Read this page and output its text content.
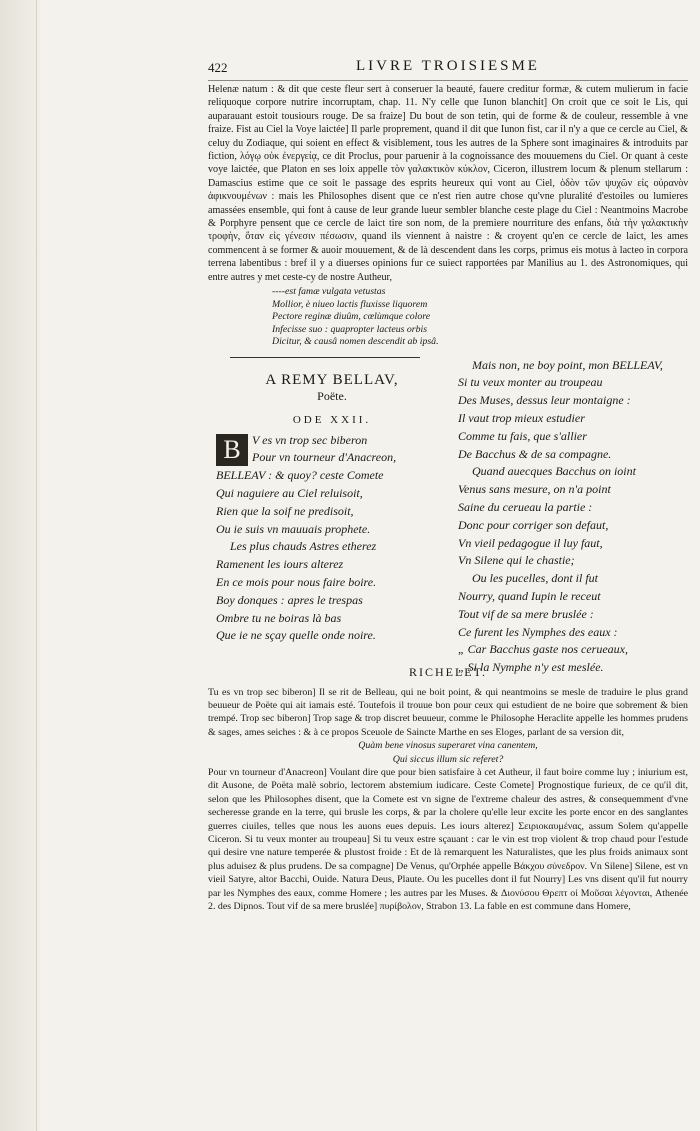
422	LIVRE TROISIESME

Helenæ natum : & dit que ceste fleur sert à conseruer la beauté, fauere creditur formæ, & cutem mulierum in facie reliquoque corpore nutrire incorruptam, chap. 11. N'y celle que Iunon blanchit] On croit que ce soit le Lis, qui auparauant estoit tousiours rouge. De sa fraize] Du bout de son tetin, qui de forme & de couleur, ressemble à vne fraize. Fist au Ciel la Voye laictée] Il parle proprement, quand il dit que Iunon fist, car il n'y a que ce cercle au Ciel, & celuy du Zodiaque, qui soient en effect & visiblement, tous les autres de la Sphere sont imaginaires & introduits par fiction, λόγῳ οὐκ ἐνεργείᾳ, ce dit Proclus, pour paruenir à la cognoissance des mouuemens du Ciel. Or quant à ceste voye laictée, que Platon en ses loix appelle τὸν γαλακτικὸν κύκλον, Ciceron, illustrem locum & plenum stellarum : Damascius estime que ce soit le passage des esprits heureux qui vont au Ciel, ὁδὸν τῶν ψυχῶν εἰς οὐρανὸν ἀφικνουμένων : mais les Philosophes disent que ce n'est rien autre chose qu'vne pluralité d'estoiles ou lumieres amassées ensemble, qui font à cause de leur grande lueur sembler blanche ceste plage du Ciel : Neantmoins Macrobe & Porphyre pensent que ce cercle de laict tire son nom, de la premiere nourriture des enfans, διὰ τὴν γαλακτικὴν τροφὴν, ὅταν εἰς γένεσιν πέσωσιν, quand ils viennent à naistre : & croyent qu'en ce cercle de laict, les ames commencent à se former & auoir mouuement, & de là descendent dans les corps, primus eis motus à lacteo in corpora terrena labentibus : bref il y a diuerses opinions fur ce suiect rapportées par Manilius au 1. des Astronomiques, qui entre autres y met ceste-cy de nostre Autheur,

----est famæ vulgata vetustas
Mollior, è niueo lactis fluxisse liquorem
Pectore reginæ diuûm, cœlùmque colore
Infecisse suo : quapropter lacteus orbis
Dicitur, & causâ nomen descendit ab ipsâ.
A REMY BELLAV,
Poëte.
ODE XXII.
B V es vn trop sec biberon
Pour vn tourneur d'Anacreon,
BELLEAV : & quoy? ceste Comete
Qui naguiere au Ciel reluisoit,
Rien que la soif ne predisoit,
Ou ie suis vn mauuais prophete.
Les plus chauds Astres etherez
Ramenent les iours alterez
En ce mois pour nous faire boire.
Boy donques : apres le trespas
Ombre tu ne boiras là bas
Que ie ne sçay quelle onde noire.
Mais non, ne boy point, mon BELLEAV,
Si tu veux monter au troupeau
Des Muses, dessus leur montaigne :
Il vaut trop mieux estudier
Comme tu fais, que s'allier
De Bacchus & de sa compagne.
Quand auecques Bacchus on ioint
Venus sans mesure, on n'a point
Saine du cerueau la partie :
Donc pour corriger son defaut,
Vn vieil pedagogue il luy faut,
Vn Silene qui le chastie;
Ou les pucelles, dont il fut
Nourry, quand Iupin le receut
Tout vif de sa mere bruslée :
Ce furent les Nymphes des eaux :
„ Car Bacchus gaste nos cerueaux,
„ Si la Nymphe n'y est meslée.
RICHELET.

Tu es vn trop sec biberon] Il se rit de Belleau, qui ne boit point, & qui neantmoins se mesle de traduire le plus grand beuueur de Poëte qui ait iamais esté. Toutefois il trouue bon pour ceux qui estudient de ne boire que sobrement & bien trempé. Trop sec biberon] Trop sage & trop discret beuueur, comme le Philosophe Heraclite appelle les hommes prudens & sages, ames seiches : & à ce propos Sceuole de Saincte Marthe en ses Eloges, parlant de sa version dit,

Quàm bene vinosus superaret vina canentem,

Qui siccus illum sic referet?

Pour vn tourneur d'Anacreon] Voulant dire que pour bien satisfaire à cet Autheur, il faut boire comme luy ; iniurium est, dit Ausone, de Poëta malè sobrio, lectorem abstemium iudicare. Ceste Comete] Prognostique furieux, de ce qu'il dit, selon que les Philosophes disent, que la Comete est vn signe de l'extreme chaleur des astres, & consequemment d'vne secheresse grande en la terre, qui brusle les corps, & par la cholere qu'elle leur excite les porte encor en des sanglantes guerres ciuiles, telles que nous les auons eues depuis. Les iours alterez] Σειριοκαυμένας, assum Solem qu'appelle Ciceron. Si tu veux monter au troupeau] Si tu veux estre sçauant : car le vin est trop violent & trop chaud pour l'estude qui desire vne nature temperée & plustost froide : Et de là remarquent les Naturalistes, que les plus froids animaux sont plus aduisez & plus prudens. De sa compagne] De Venus, qu'Orphée appelle Βάκχου σύνεδρον. Vn Silene] Silene, est vn vieil Satyre, altor Bacchi, Ouide. Natura Deus, Plaute. Ou les pucelles dont il fut Nourry] Les vns disent qu'il fut nourry par les Nymphes des eaux, comme Homere ; les autres par les Muses. & Διονύσου Θρεπτ οἱ Μοῦσαι λέγονται, Athenée 2. des Dipnos. Tout vif de sa mere bruslée] πυρίβολον, Strabon 13. La fable en est commune dans Homere,
